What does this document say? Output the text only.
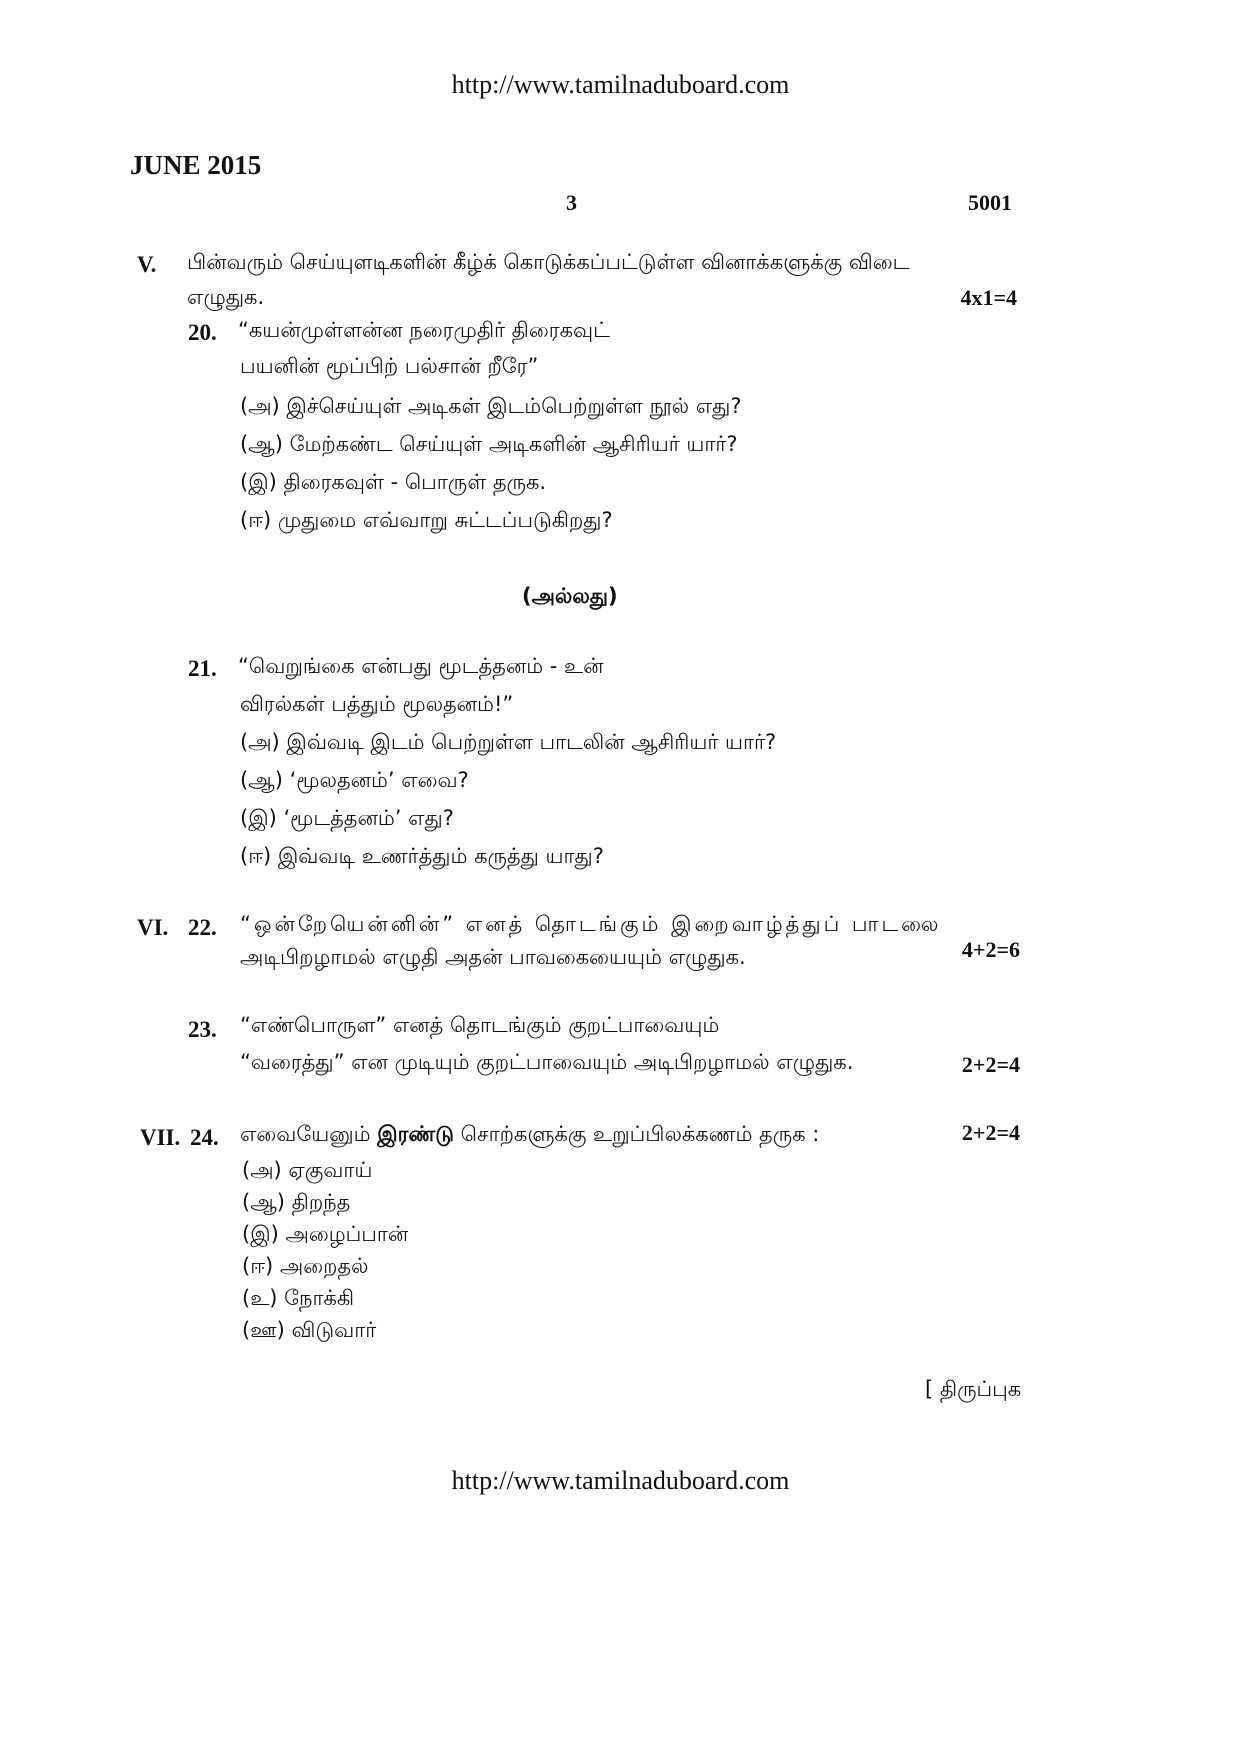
http://www.tamilnaduboard.com
JUNE 2015
3	5001
V. பின்வரும் செய்யுளடிகளின் கீழ்க் கொடுக்கப்பட்டுள்ள வினாக்களுக்கு விடை
எழுதுக.	4x1=4
20. “கயன்முள்ளன்ன நரைமுதிர் திரைகவுட்
பயனின் மூப்பிற் பல்சான் றீரே”
(அ) இச்செய்யுள் அடிகள் இடம்பெற்றுள்ள நூல் எது?
(ஆ) மேற்கண்ட செய்யுள் அடிகளின் ஆசிரியர் யார்?
(இ) திரைகவுள் - பொருள் தருக.
(ஈ) முதுமை எவ்வாறு சுட்டப்படுகிறது?
(அல்லது)
21. “வெறுங்கை என்பது மூடத்தனம் - உன்
விரல்கள் பத்தும் மூலதனம்!”
(அ) இவ்வடி இடம் பெற்றுள்ள பாடலின் ஆசிரியர் யார்?
(ஆ) ‘மூலதனம்’ எவை?
(இ) ‘மூடத்தனம்’ எது?
(ஈ) இவ்வடி உணர்த்தும் கருத்து யாது?
VI. 22. “ஒன்றேயென்னின்” எனத் தொடங்கும் இறைவாழ்த்துப் பாடலை
அடிபிறழாமல் எழுதி அதன் பாவகையையும் எழுதுக.	4+2=6
23. “எண்பொருள” எனத் தொடங்கும் குறட்பாவையும்
“வரைத்து” என முடியும் குறட்பாவையும் அடிபிறழாமல் எழுதுக.	2+2=4
VII. 24. எவையேனும் இரண்டு சொற்களுக்கு உறுப்பிலக்கணம் தருக :	2+2=4
(அ) ஏகுவாய்
(ஆ) திறந்த
(இ) அழைப்பான்
(ஈ) அறைதல்
(உ) நோக்கி
(ஊ) விடுவார்
[ திருப்புக
http://www.tamilnaduboard.com
